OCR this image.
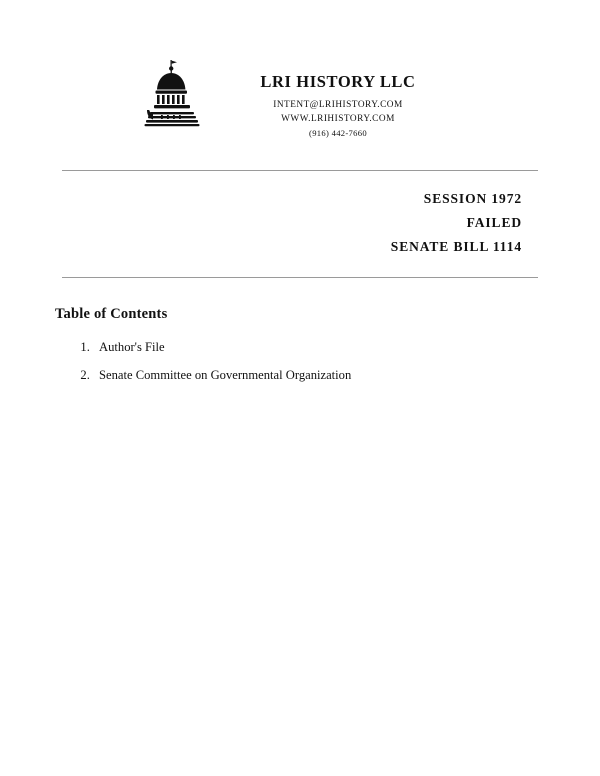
LRI HISTORY LLC
INTENT@LRIHISTORY.COM
WWW.LRIHISTORY.COM
(916) 442-7660
SESSION 1972
FAILED
SENATE BILL 1114
Table of Contents
1. Author's File
2. Senate Committee on Governmental Organization
